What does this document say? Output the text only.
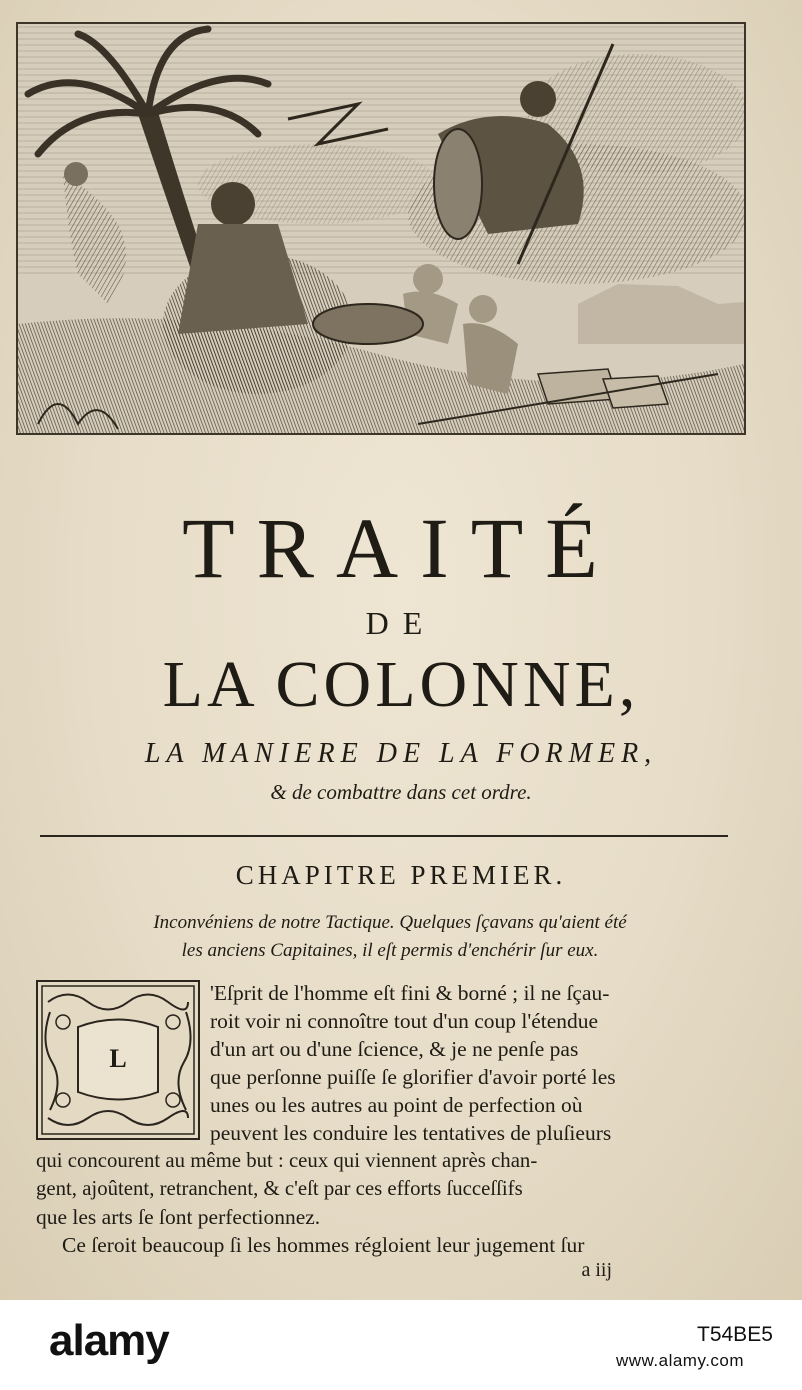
TRAITÉ
DE
LA COLONNE,
LA MANIERE DE LA FORMER,
& de combattre dans cet ordre.
CHAPITRE PREMIER.
Inconvéniens de notre Tactique. Quelques ſçavans qu'aient été
les anciens Capitaines, il eſt permis d'enchérir ſur eux.
L
'Eſprit de l'homme eſt fini & borné ; il ne ſçau-
roit voir ni connoître tout d'un coup l'étendue
d'un art ou d'une ſcience, & je ne penſe pas
que perſonne puiſſe ſe glorifier d'avoir porté les
unes ou les autres au point de perfection où
peuvent les conduire les tentatives de pluſieurs
qui concourent au même but : ceux qui viennent après chan-
gent, ajoûtent, retranchent, & c'eſt par ces efforts ſucceſſifs
que les arts ſe ſont perfectionnez.
Ce ſeroit beaucoup ſi les hommes régloient leur jugement ſur
a iij
alamy	T54BE5
www.alamy.com
